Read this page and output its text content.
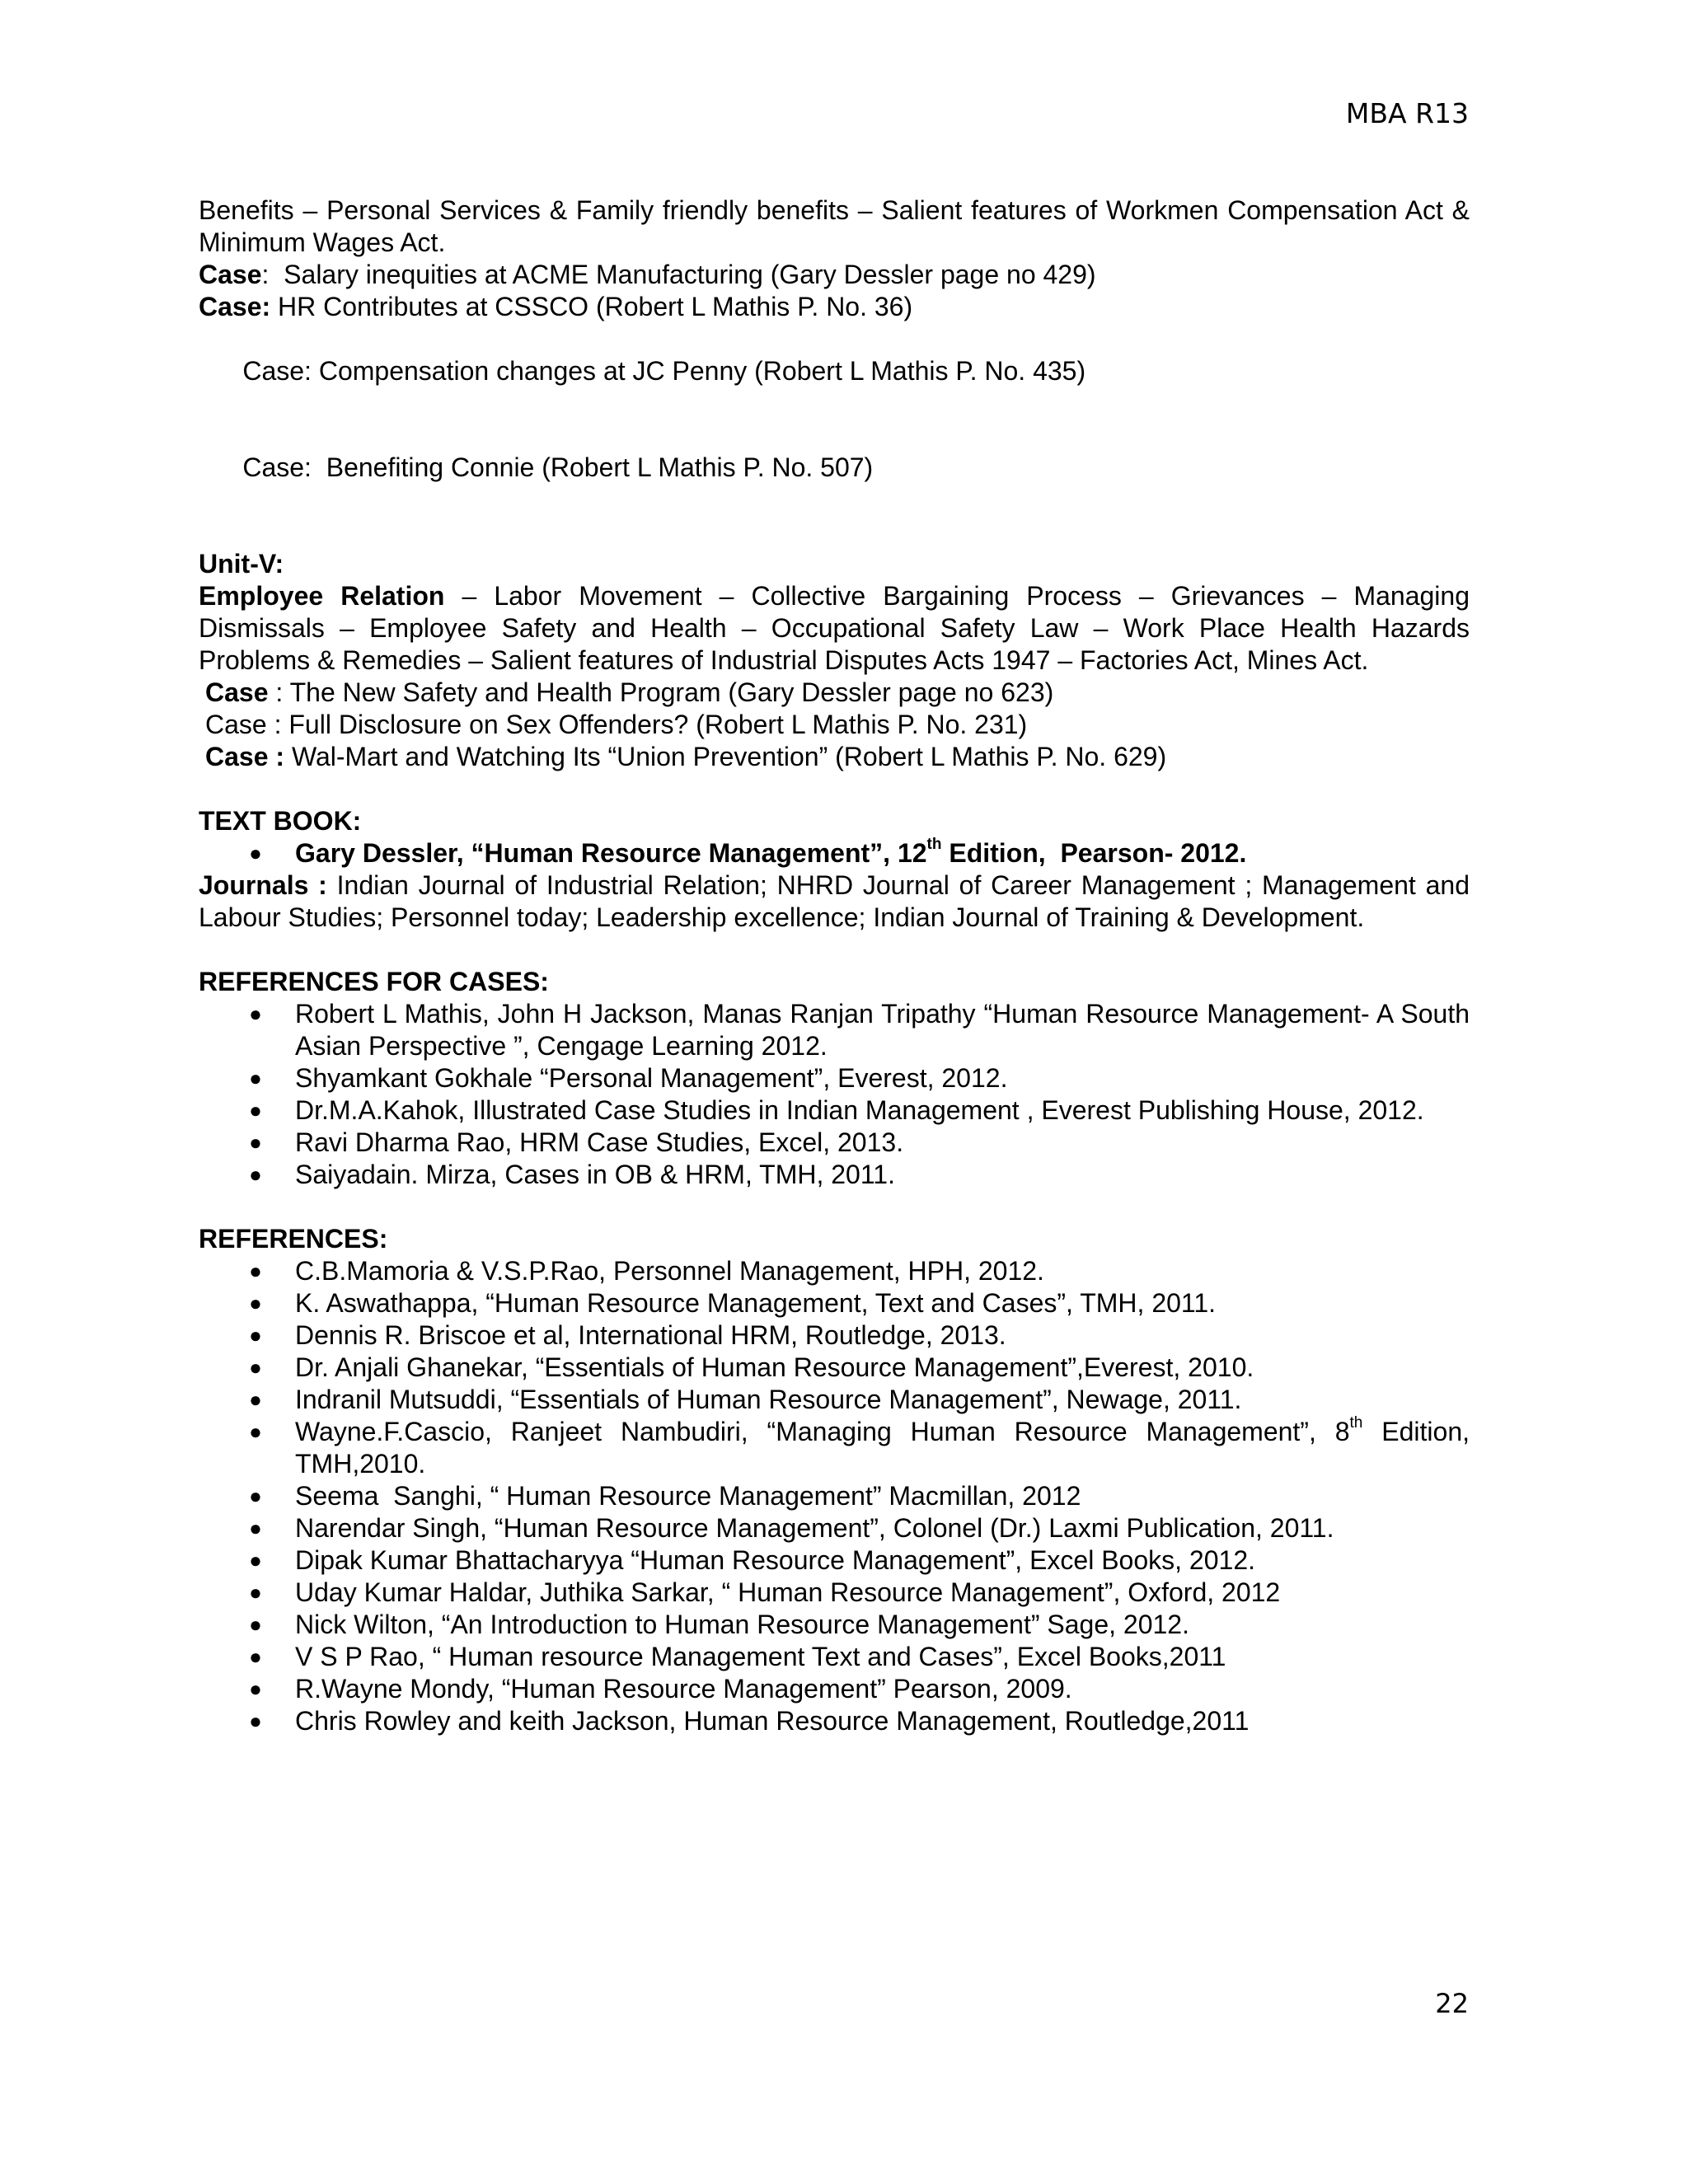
MBA R13

Benefits – Personal Services & Family friendly benefits – Salient features of Workmen Compensation Act & Minimum Wages Act.

Case:  Salary inequities at ACME Manufacturing (Gary Dessler page no 429)

Case: HR Contributes at CSSCO (Robert L Mathis P. No. 36)

Case: Compensation changes at JC Penny (Robert L Mathis P. No. 435)

Case:  Benefiting Connie (Robert L Mathis P. No. 507)

Unit-V:

Employee Relation – Labor Movement – Collective Bargaining Process – Grievances – Managing Dismissals – Employee Safety and Health – Occupational Safety Law – Work Place Health Hazards Problems & Remedies – Salient features of Industrial Disputes Acts 1947 – Factories Act, Mines Act.

Case : The New Safety and Health Program (Gary Dessler page no 623)

Case : Full Disclosure on Sex Offenders? (Robert L Mathis P. No. 231)

Case : Wal-Mart and Watching Its “Union Prevention” (Robert L Mathis P. No. 629)

TEXT BOOK:

● Gary Dessler, “Human Resource Management”, 12th Edition,  Pearson- 2012.

Journals : Indian Journal of Industrial Relation; NHRD Journal of Career Management ; Management and Labour Studies; Personnel today; Leadership excellence; Indian Journal of Training & Development.

REFERENCES FOR CASES:

● Robert L Mathis, John H Jackson, Manas Ranjan Tripathy “Human Resource Management- A South Asian Perspective ”, Cengage Learning 2012.
● Shyamkant Gokhale “Personal Management”, Everest, 2012.
● Dr.M.A.Kahok, Illustrated Case Studies in Indian Management , Everest Publishing House, 2012.
● Ravi Dharma Rao, HRM Case Studies, Excel, 2013.
● Saiyadain. Mirza, Cases in OB & HRM, TMH, 2011.

REFERENCES:

● C.B.Mamoria & V.S.P.Rao, Personnel Management, HPH, 2012.
● K. Aswathappa, “Human Resource Management, Text and Cases”, TMH, 2011.
● Dennis R. Briscoe et al, International HRM, Routledge, 2013.
● Dr. Anjali Ghanekar, “Essentials of Human Resource Management”,Everest, 2010.
● Indranil Mutsuddi, “Essentials of Human Resource Management”, Newage, 2011.
● Wayne.F.Cascio, Ranjeet Nambudiri, “Managing Human Resource Management”, 8th Edition, TMH,2010.
● Seema  Sanghi, “ Human Resource Management” Macmillan, 2012
● Narendar Singh, “Human Resource Management”, Colonel (Dr.) Laxmi Publication, 2011.
● Dipak Kumar Bhattacharyya “Human Resource Management”, Excel Books, 2012.
● Uday Kumar Haldar, Juthika Sarkar, “ Human Resource Management”, Oxford, 2012
● Nick Wilton, “An Introduction to Human Resource Management” Sage, 2012.
● V S P Rao, “ Human resource Management Text and Cases”, Excel Books,2011
● R.Wayne Mondy, “Human Resource Management” Pearson, 2009.
● Chris Rowley and keith Jackson, Human Resource Management, Routledge,2011
22
